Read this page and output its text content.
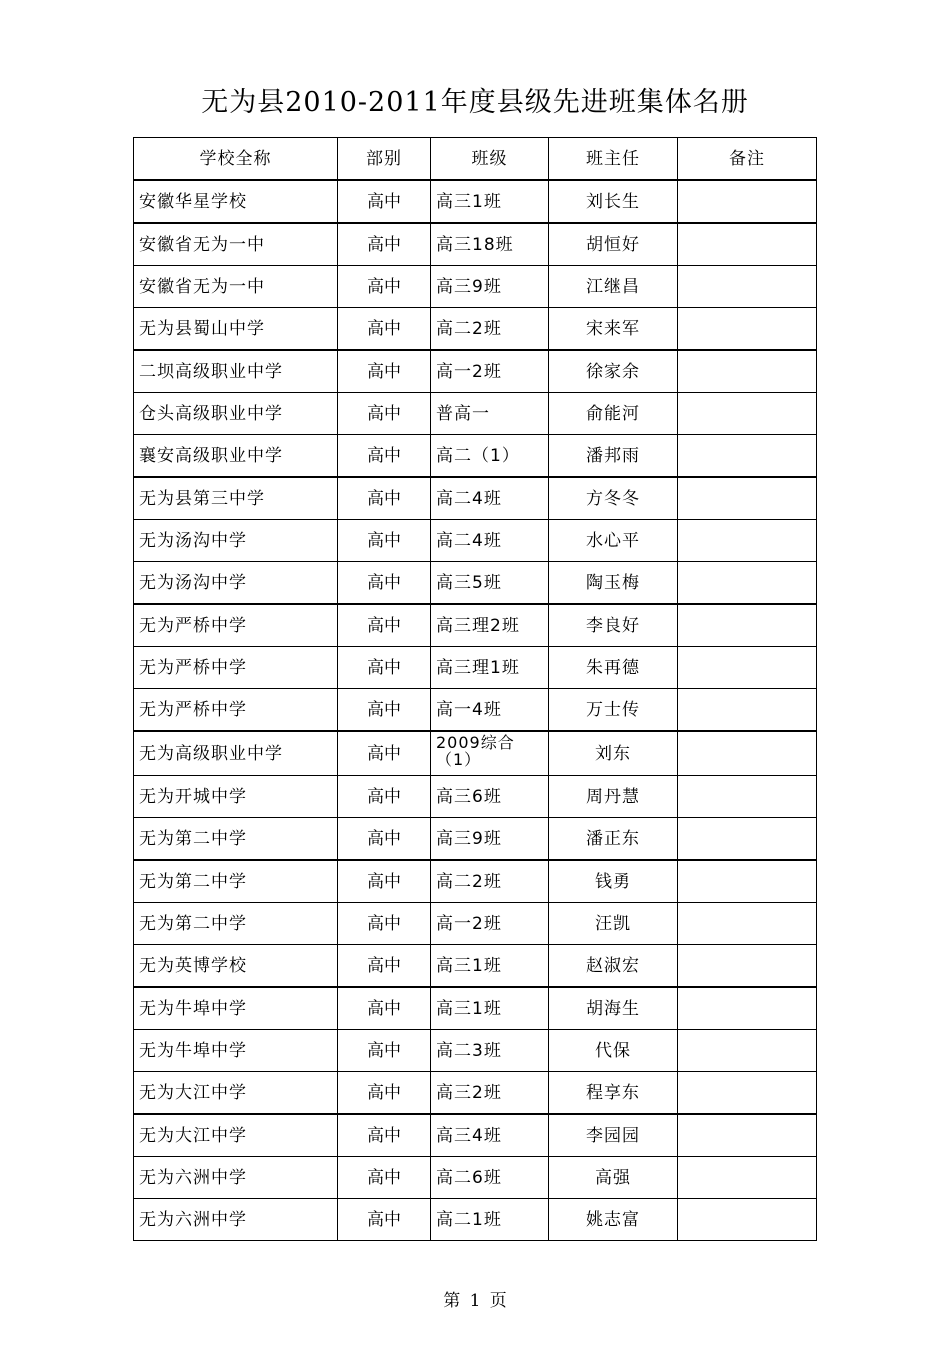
无为县2010-2011年度县级先进班集体名册
学校全称	部别	班级	班主任	备注
安徽华星学校	高中	高三1班	刘长生	
安徽省无为一中	高中	高三18班	胡恒好	
安徽省无为一中	高中	高三9班	江继昌	
无为县蜀山中学	高中	高二2班	宋来军	
二坝高级职业中学	高中	高一2班	徐家余	
仓头高级职业中学	高中	普高一	俞能河	
襄安高级职业中学	高中	高二（1）	潘邦雨	
无为县第三中学	高中	高二4班	方冬冬	
无为汤沟中学	高中	高二4班	水心平	
无为汤沟中学	高中	高三5班	陶玉梅	
无为严桥中学	高中	高三理2班	李良好	
无为严桥中学	高中	高三理1班	朱再德	
无为严桥中学	高中	高一4班	万士传	
无为高级职业中学	高中	2009综合（1）	刘东	
无为开城中学	高中	高三6班	周丹慧	
无为第二中学	高中	高三9班	潘正东	
无为第二中学	高中	高二2班	钱勇	
无为第二中学	高中	高一2班	汪凯	
无为英博学校	高中	高三1班	赵淑宏	
无为牛埠中学	高中	高三1班	胡海生	
无为牛埠中学	高中	高二3班	代保	
无为大江中学	高中	高三2班	程享东	
无为大江中学	高中	高三4班	李园园	
无为六洲中学	高中	高二6班	高强	
无为六洲中学	高中	高二1班	姚志富	
第 1 页
